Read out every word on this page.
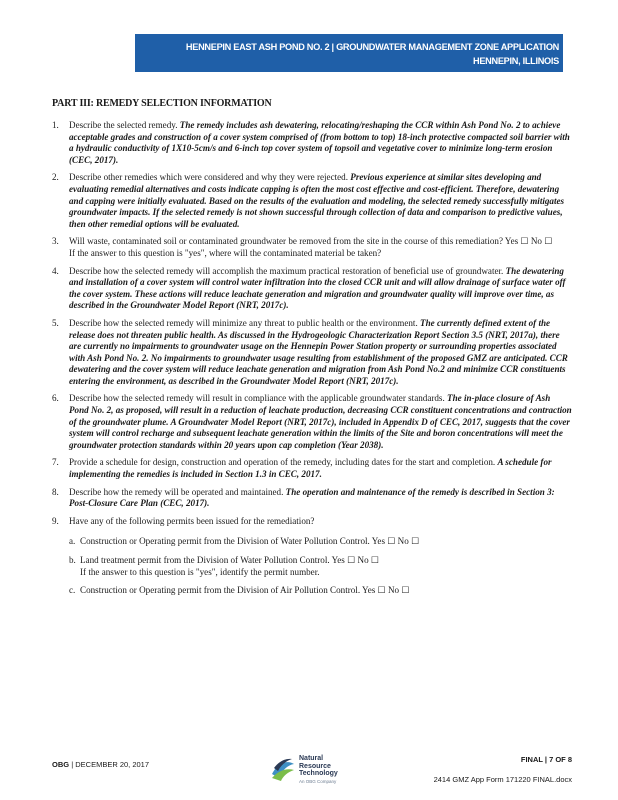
HENNEPIN EAST ASH POND NO. 2 | GROUNDWATER MANAGEMENT ZONE APPLICATION
HENNEPIN, ILLINOIS
PART III: REMEDY SELECTION INFORMATION
1. Describe the selected remedy. The remedy includes ash dewatering, relocating/reshaping the CCR within Ash Pond No. 2 to achieve acceptable grades and construction of a cover system comprised of (from bottom to top) 18-inch protective compacted soil barrier with a hydraulic conductivity of 1X10-5cm/s and 6-inch top cover system of topsoil and vegetative cover to minimize long-term erosion (CEC, 2017).
2. Describe other remedies which were considered and why they were rejected. Previous experience at similar sites developing and evaluating remedial alternatives and costs indicate capping is often the most cost effective and cost-efficient. Therefore, dewatering and capping were initially evaluated. Based on the results of the evaluation and modeling, the selected remedy successfully mitigates groundwater impacts. If the selected remedy is not shown successful through collection of data and comparison to predictive values, then other remedial options will be evaluated.
3. Will waste, contaminated soil or contaminated groundwater be removed from the site in the course of this remediation? Yes ☐ No ☐
If the answer to this question is "yes", where will the contaminated material be taken?
4. Describe how the selected remedy will accomplish the maximum practical restoration of beneficial use of groundwater. The dewatering and installation of a cover system will control water infiltration into the closed CCR unit and will allow drainage of surface water off the cover system. These actions will reduce leachate generation and migration and groundwater quality will improve over time, as described in the Groundwater Model Report (NRT, 2017c).
5. Describe how the selected remedy will minimize any threat to public health or the environment. The currently defined extent of the release does not threaten public health. As discussed in the Hydrogeologic Characterization Report Section 3.5 (NRT, 2017a), there are currently no impairments to groundwater usage on the Hennepin Power Station property or surrounding properties associated with Ash Pond No. 2. No impairments to groundwater usage resulting from establishment of the proposed GMZ are anticipated. CCR dewatering and the cover system will reduce leachate generation and migration from Ash Pond No.2 and minimize CCR constituents entering the environment, as described in the Groundwater Model Report (NRT, 2017c).
6. Describe how the selected remedy will result in compliance with the applicable groundwater standards. The in-place closure of Ash Pond No. 2, as proposed, will result in a reduction of leachate production, decreasing CCR constituent concentrations and contraction of the groundwater plume. A Groundwater Model Report (NRT, 2017c), included in Appendix D of CEC, 2017, suggests that the cover system will control recharge and subsequent leachate generation within the limits of the Site and boron concentrations will meet the groundwater protection standards within 20 years upon cap completion (Year 2038).
7. Provide a schedule for design, construction and operation of the remedy, including dates for the start and completion. A schedule for implementing the remedies is included in Section 1.3 in CEC, 2017.
8. Describe how the remedy will be operated and maintained. The operation and maintenance of the remedy is described in Section 3: Post-Closure Care Plan (CEC, 2017).
9. Have any of the following permits been issued for the remediation?
a. Construction or Operating permit from the Division of Water Pollution Control. Yes ☐ No ☐
b. Land treatment permit from the Division of Water Pollution Control. Yes ☐ No ☐
If the answer to this question is "yes", identify the permit number.
c. Construction or Operating permit from the Division of Air Pollution Control. Yes ☐ No ☐
OBG | DECEMBER 20, 2017
Natural
Resource
Technology
An OBG Company
FINAL | 7 OF 8
2414 GMZ App Form 171220 FINAL.docx
